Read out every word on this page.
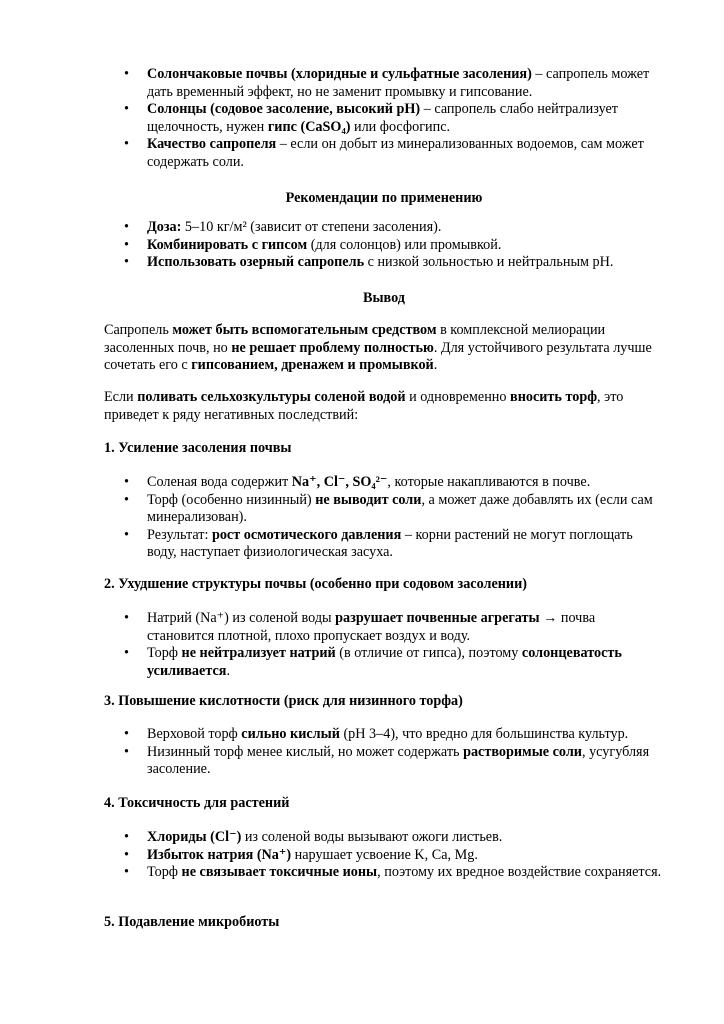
• Солончаковые почвы (хлоридные и сульфатные засоления) – сапропель может дать временный эффект, но не заменит промывку и гипсование.
• Солонцы (содовое засоление, высокий pH) – сапропель слабо нейтрализует щелочность, нужен гипс (CaSO₄) или фосфогипс.
• Качество сапропеля – если он добыт из минерализованных водоемов, сам может содержать соли.

Рекомендации по применению

• Доза: 5–10 кг/м² (зависит от степени засоления).
• Комбинировать с гипсом (для солонцов) или промывкой.
• Использовать озерный сапропель с низкой зольностью и нейтральным pH.

Вывод

Сапропель может быть вспомогательным средством в комплексной мелиорации засоленных почв, но не решает проблему полностью. Для устойчивого результата лучше сочетать его с гипсованием, дренажем и промывкой.

Если поливать сельхозкультуры соленой водой и одновременно вносить торф, это приведет к ряду негативных последствий:

1. Усиление засоления почвы

• Соленая вода содержит Na⁺, Cl⁻, SO₄²⁻, которые накапливаются в почве.
• Торф (особенно низинный) не выводит соли, а может даже добавлять их (если сам минерализован).
• Результат: рост осмотического давления – корни растений не могут поглощать воду, наступает физиологическая засуха.

2. Ухудшение структуры почвы (особенно при содовом засолении)

• Натрий (Na⁺) из соленой воды разрушает почвенные агрегаты → почва становится плотной, плохо пропускает воздух и воду.
• Торф не нейтрализует натрий (в отличие от гипса), поэтому солонцеватость усиливается.

3. Повышение кислотности (риск для низинного торфа)

• Верховой торф сильно кислый (pH 3–4), что вредно для большинства культур.
• Низинный торф менее кислый, но может содержать растворимые соли, усугубляя засоление.

4. Токсичность для растений

• Хлориды (Cl⁻) из соленой воды вызывают ожоги листьев.
• Избыток натрия (Na⁺) нарушает усвоение K, Ca, Mg.
• Торф не связывает токсичные ионы, поэтому их вредное воздействие сохраняется.

5. Подавление микробиоты
